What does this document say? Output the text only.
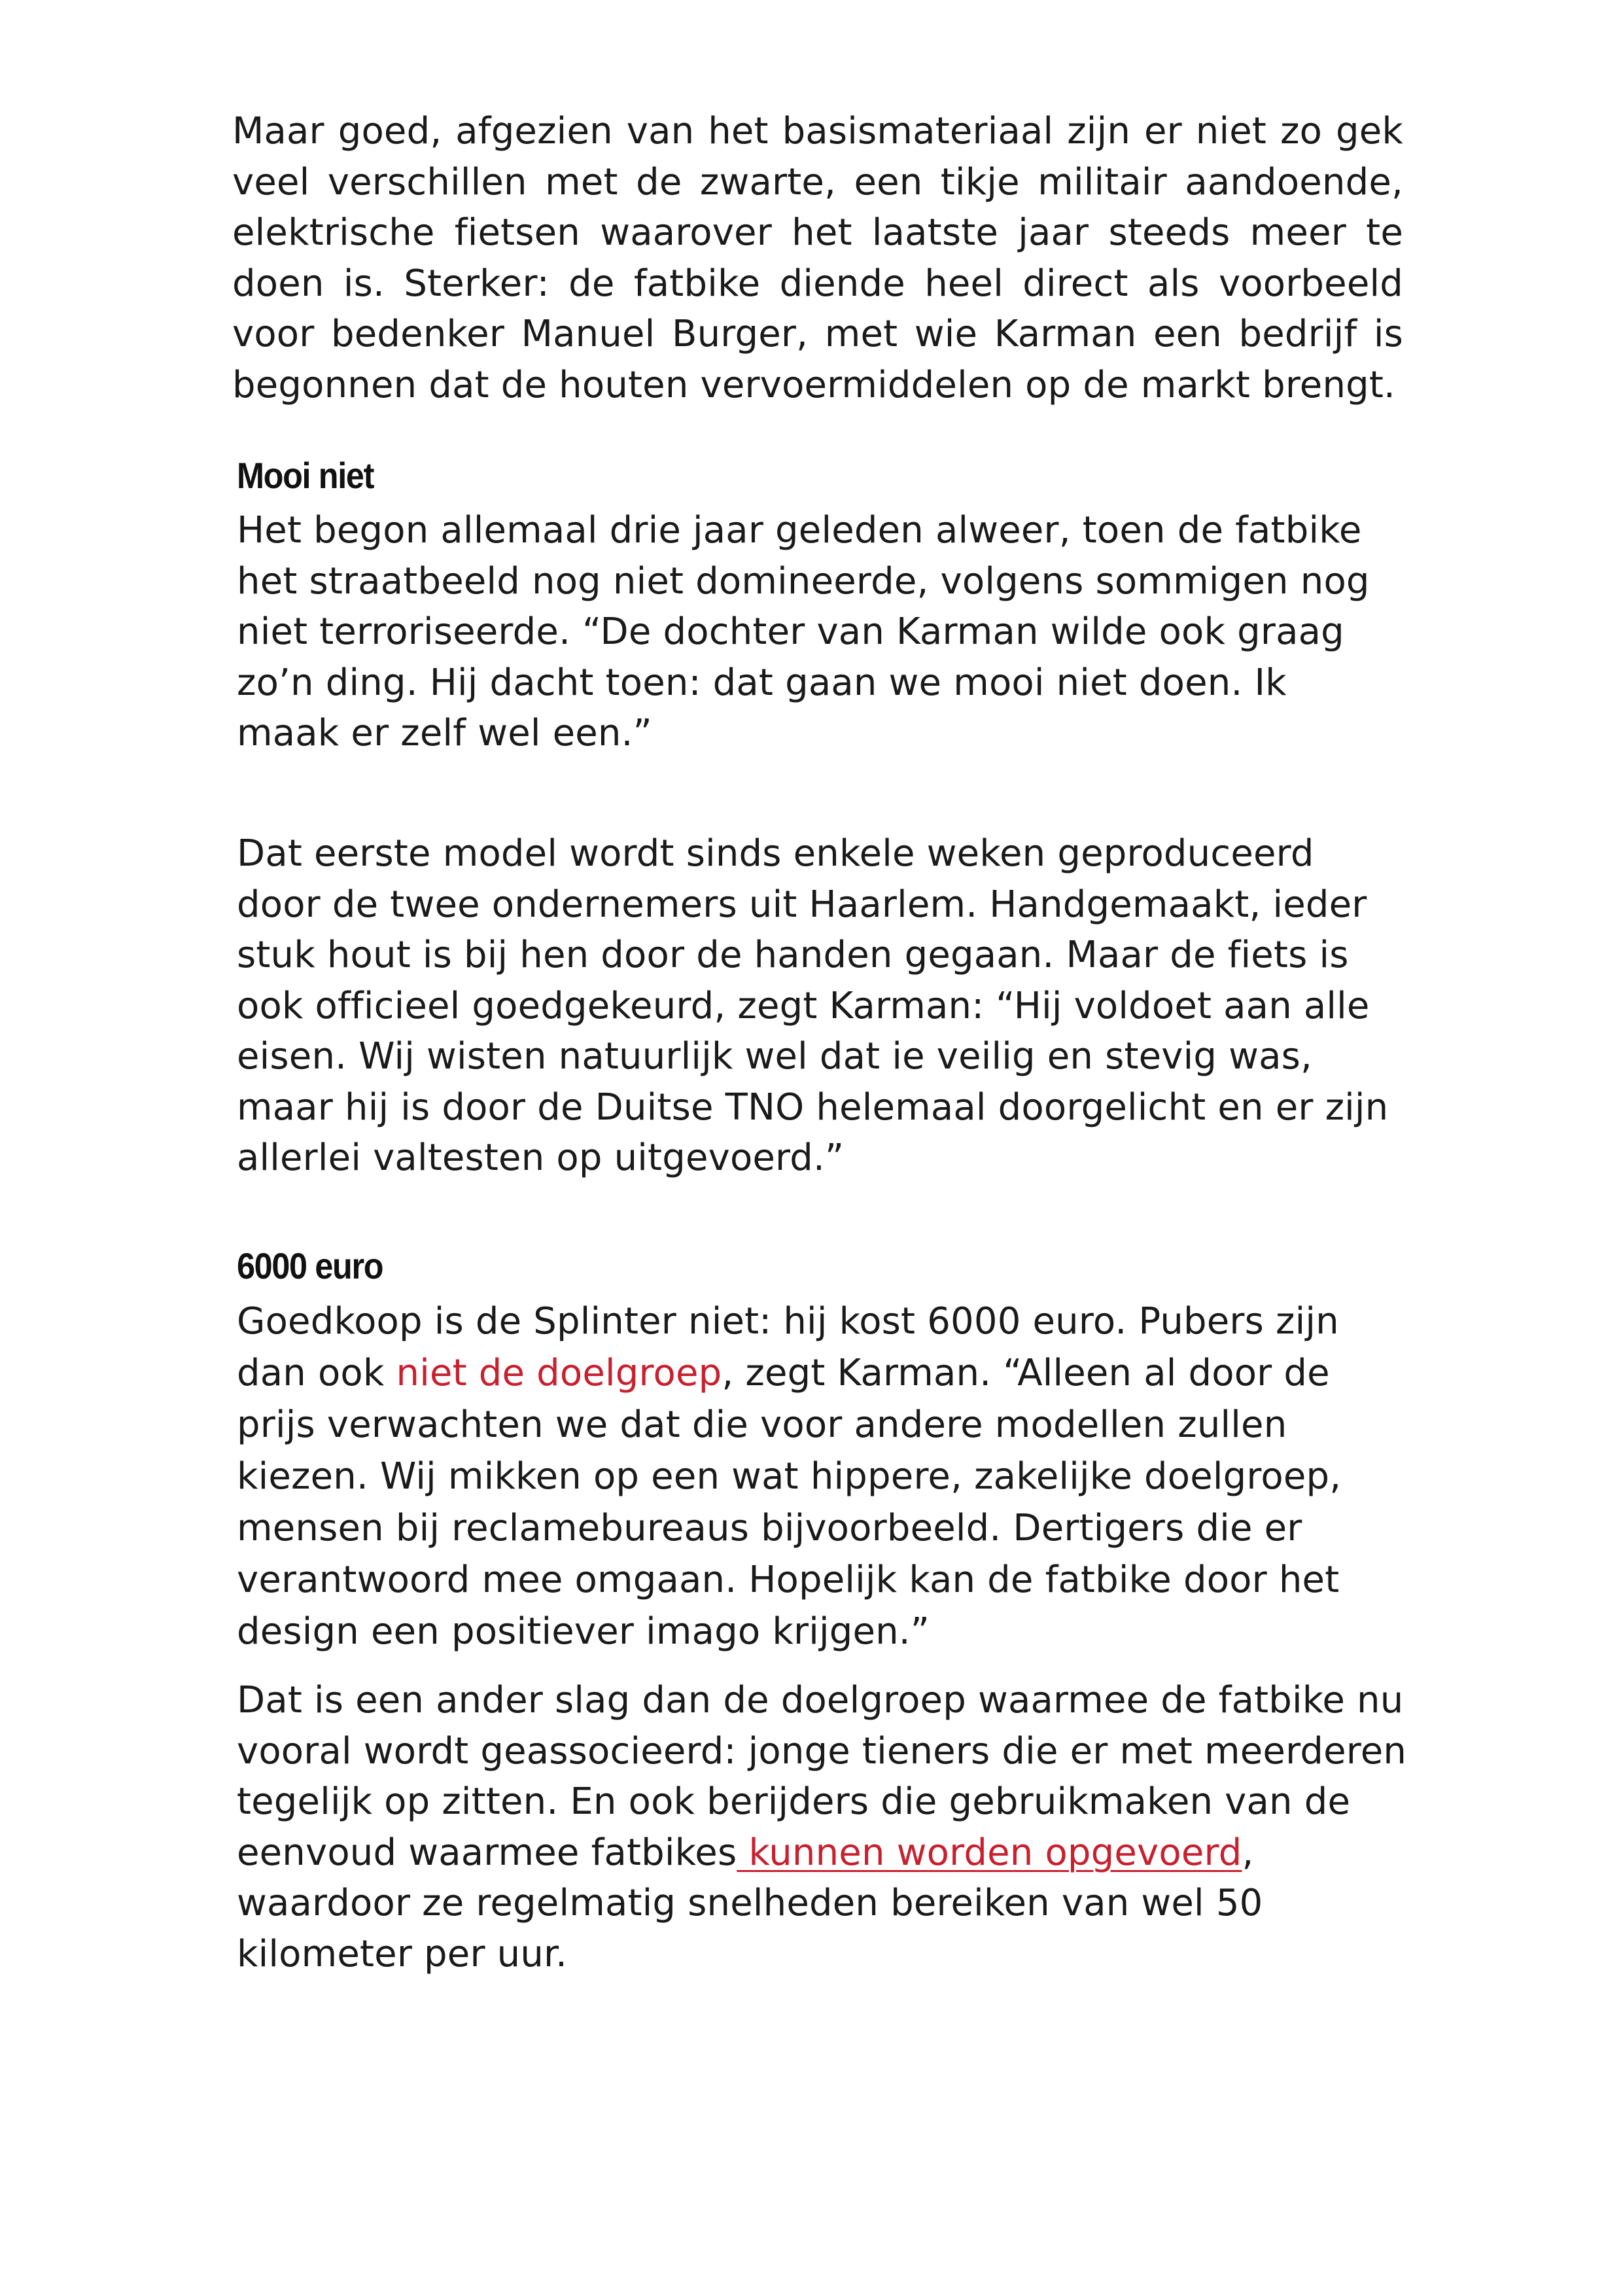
Maar goed, afgezien van het basismateriaal zijn er niet zo gek veel verschillen met de zwarte, een tikje militair aandoende, elektrische fietsen waarover het laatste jaar steeds meer te doen is. Sterker: de fatbike diende heel direct als voorbeeld voor bedenker Manuel Burger, met wie Karman een bedrijf is begonnen dat de houten vervoermiddelen op de markt brengt.

Mooi niet

Het begon allemaal drie jaar geleden alweer, toen de fatbike het straatbeeld nog niet domineerde, volgens sommigen nog niet terroriseerde. “De dochter van Karman wilde ook graag zo’n ding. Hij dacht toen: dat gaan we mooi niet doen. Ik maak er zelf wel een.”

Dat eerste model wordt sinds enkele weken geproduceerd door de twee ondernemers uit Haarlem. Handgemaakt, ieder stuk hout is bij hen door de handen gegaan. Maar de fiets is ook officieel goedgekeurd, zegt Karman: “Hij voldoet aan alle eisen. Wij wisten natuurlijk wel dat ie veilig en stevig was, maar hij is door de Duitse TNO helemaal doorgelicht en er zijn allerlei valtesten op uitgevoerd.”

6000 euro

Goedkoop is de Splinter niet: hij kost 6000 euro. Pubers zijn dan ook niet de doelgroep, zegt Karman. “Alleen al door de prijs verwachten we dat die voor andere modellen zullen kiezen. Wij mikken op een wat hippere, zakelijke doelgroep, mensen bij reclamebureaus bijvoorbeeld. Dertigers die er verantwoord mee omgaan. Hopelijk kan de fatbike door het design een positiever imago krijgen.”

Dat is een ander slag dan de doelgroep waarmee de fatbike nu vooral wordt geassocieerd: jonge tieners die er met meerderen tegelijk op zitten. En ook berijders die gebruikmaken van de eenvoud waarmee fatbikes kunnen worden opgevoerd, waardoor ze regelmatig snelheden bereiken van wel 50 kilometer per uur.
